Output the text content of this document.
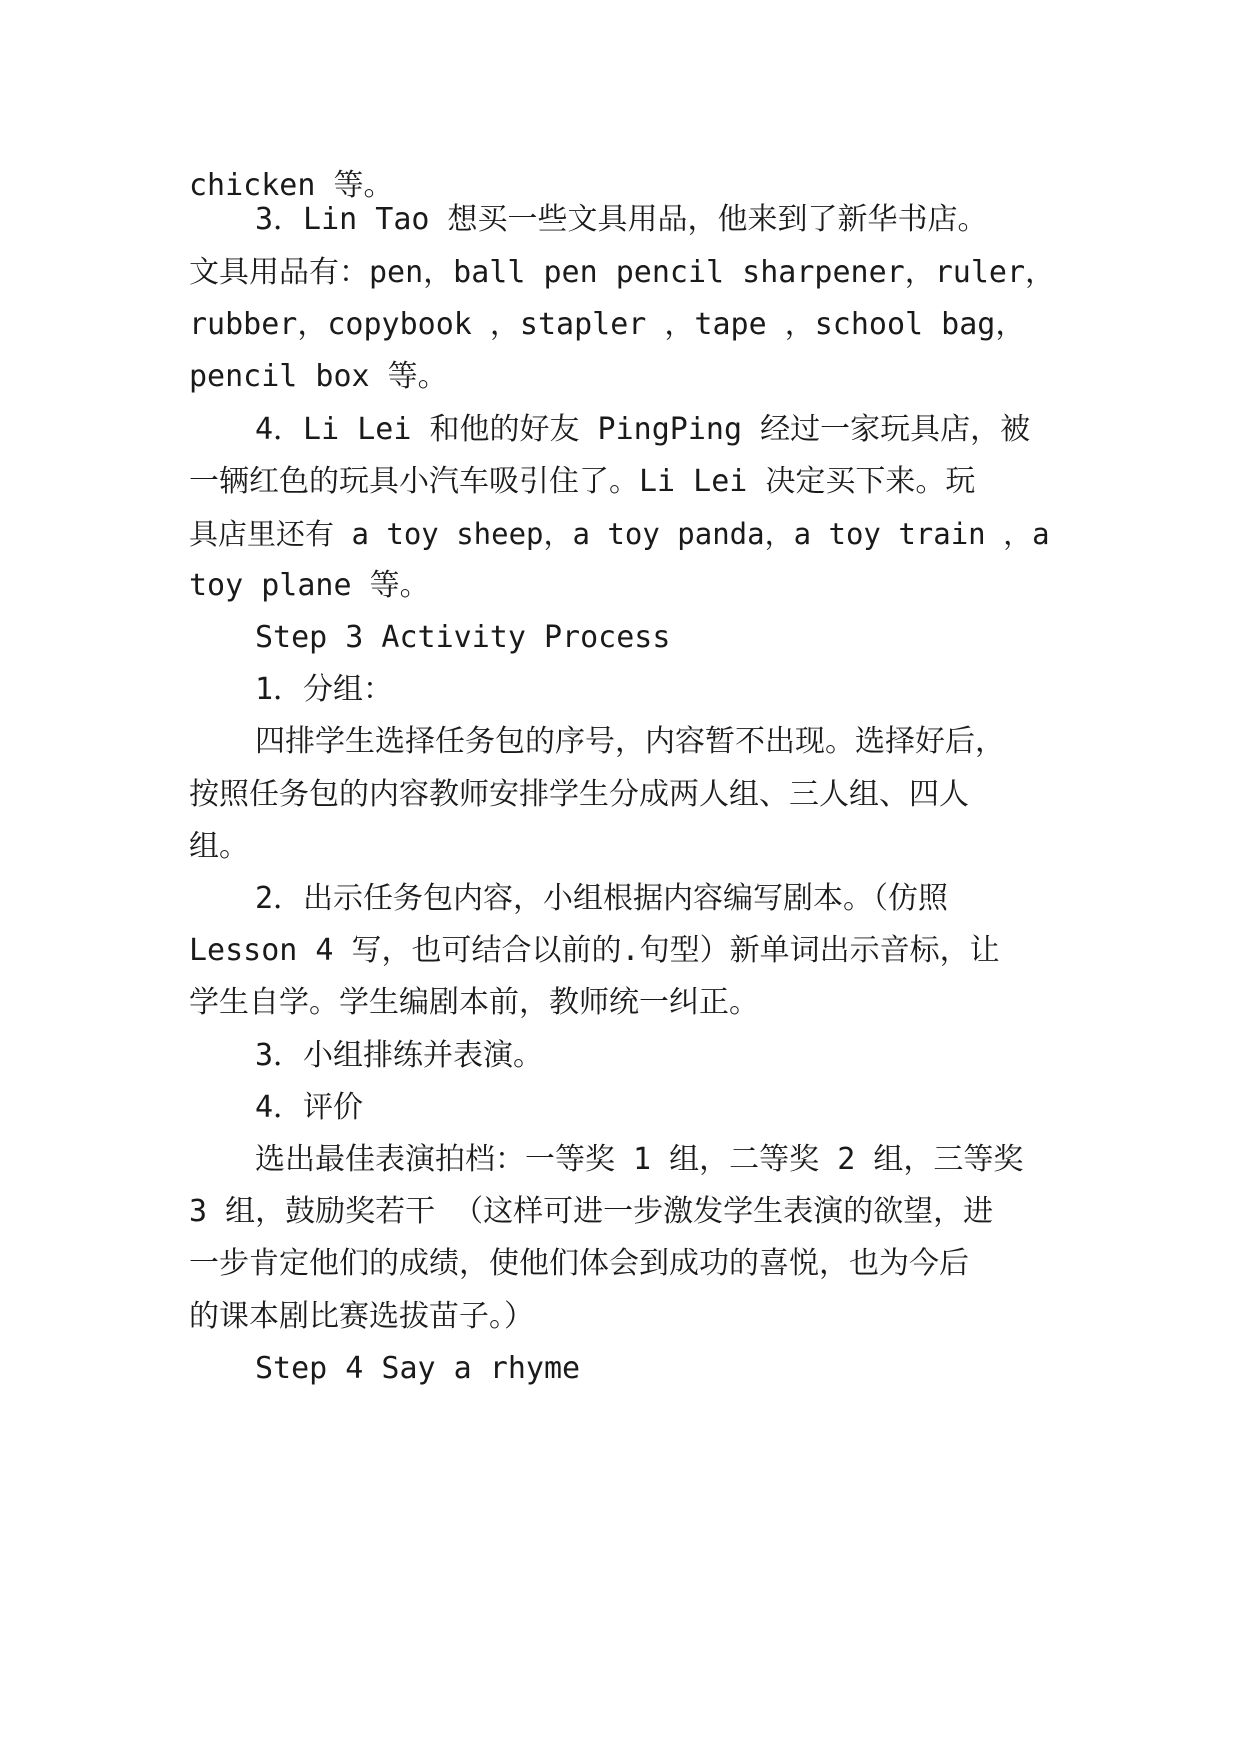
chicken 等。
3．Lin Tao 想买一些文具用品，他来到了新华书店。
文具用品有：pen，ball pen pencil sharpener，ruler，
rubber，copybook ，stapler ，tape ，school bag，
pencil box 等。
4．Li Lei 和他的好友 PingPing 经过一家玩具店，被
一辆红色的玩具小汽车吸引住了。Li Lei 决定买下来。玩
具店里还有 a toy sheep，a toy panda，a toy train ，a
toy plane 等。
Step 3 Activity Process
1．分组：
四排学生选择任务包的序号，内容暂不出现。选择好后，
按照任务包的内容教师安排学生分成两人组、三人组、四人
组。
2．出示任务包内容，小组根据内容编写剧本。（仿照
Lesson 4 写，也可结合以前的.句型）新单词出示音标，让
学生自学。学生编剧本前，教师统一纠正。
3．小组排练并表演。
4．评价
选出最佳表演拍档：一等奖 1 组，二等奖 2 组，三等奖
3 组，鼓励奖若干 （这样可进一步激发学生表演的欲望，进
一步肯定他们的成绩，使他们体会到成功的喜悦，也为今后
的课本剧比赛选拔苗子。）
Step 4 Say a rhyme
